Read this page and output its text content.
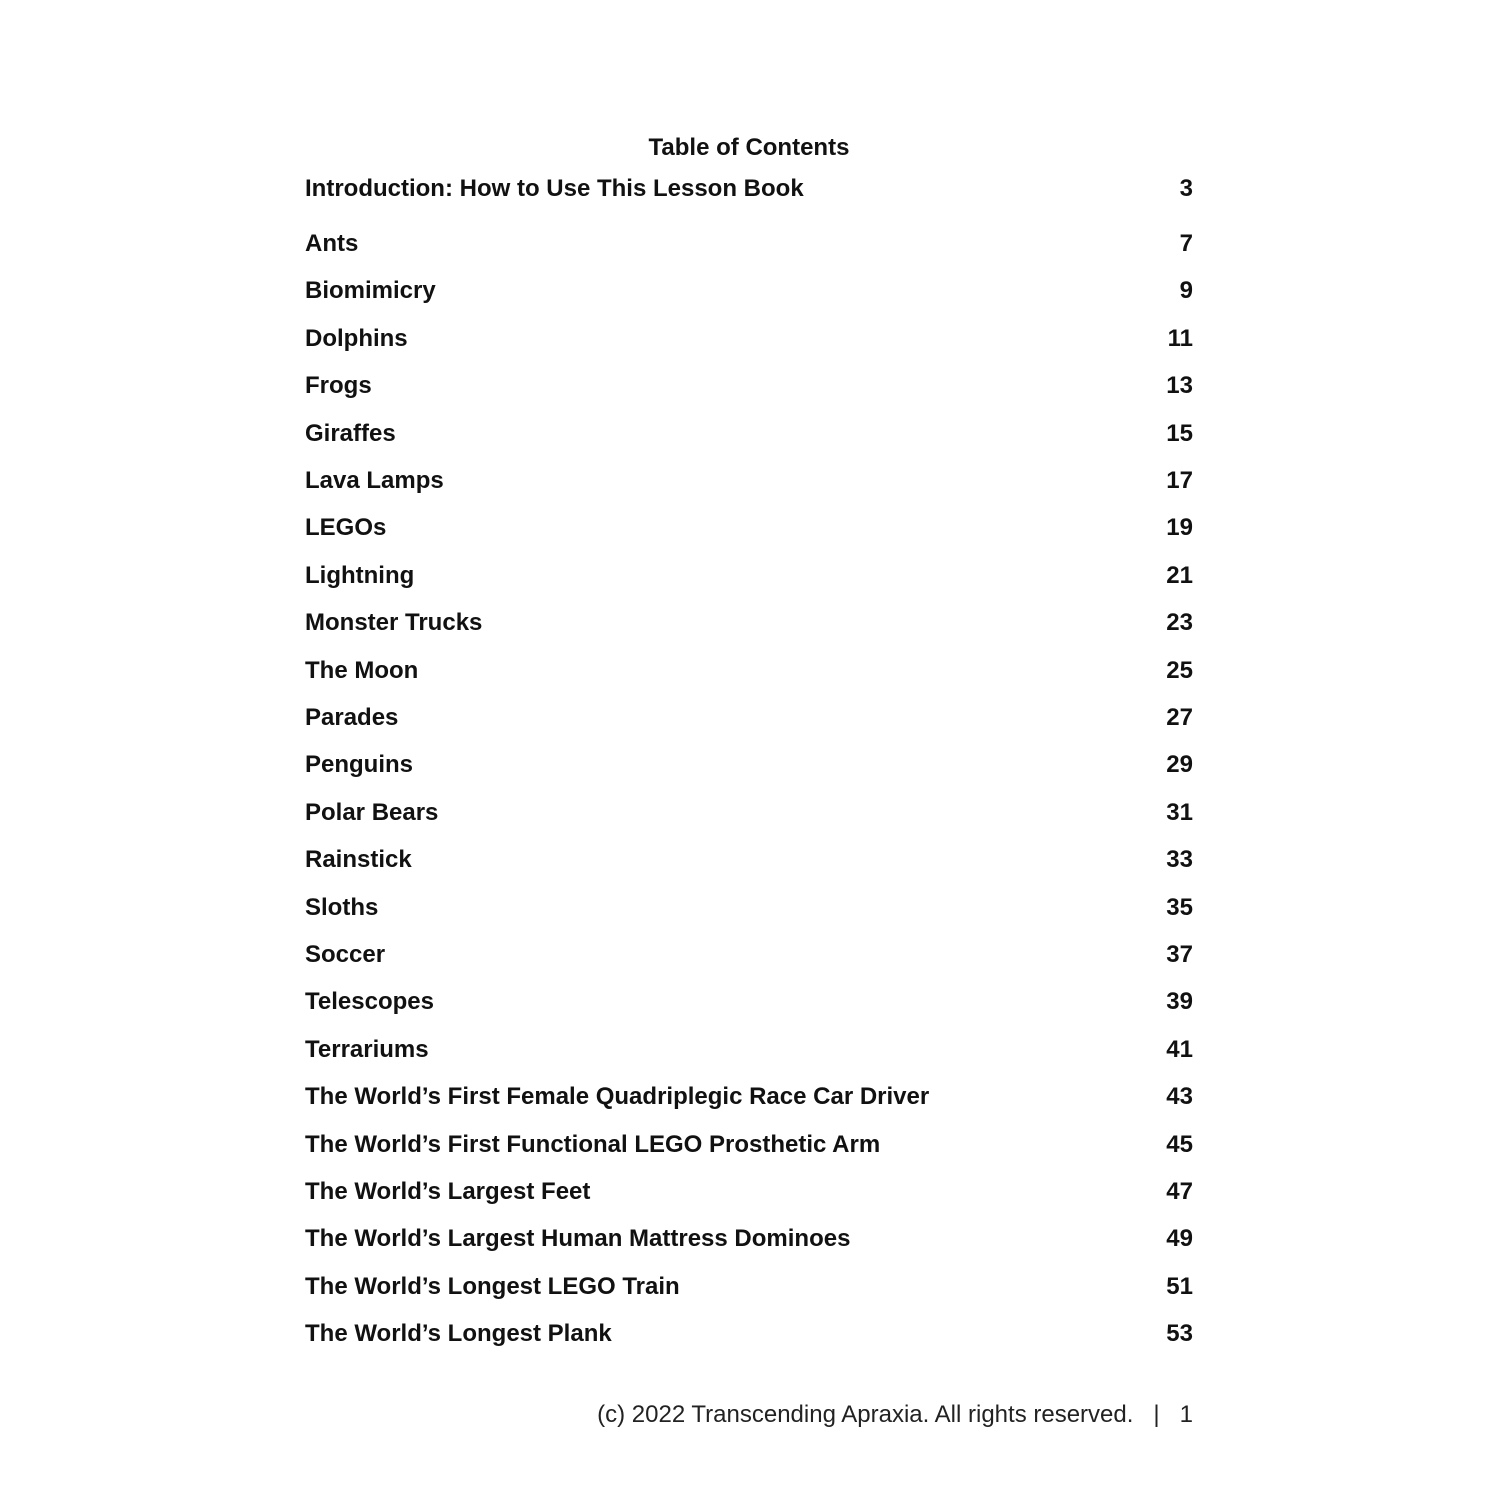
Table of Contents
Introduction: How to Use This Lesson Book	3
Ants	7
Biomimicry	9
Dolphins	11
Frogs	13
Giraffes	15
Lava Lamps	17
LEGOs	19
Lightning	21
Monster Trucks	23
The Moon	25
Parades	27
Penguins	29
Polar Bears	31
Rainstick	33
Sloths	35
Soccer	37
Telescopes	39
Terrariums	41
The World’s First Female Quadriplegic Race Car Driver	43
The World’s First Functional LEGO Prosthetic Arm	45
The World’s Largest Feet	47
The World’s Largest Human Mattress Dominoes	49
The World’s Longest LEGO Train	51
The World’s Longest Plank	53
(c) 2022 Transcending Apraxia. All rights reserved. | 1
